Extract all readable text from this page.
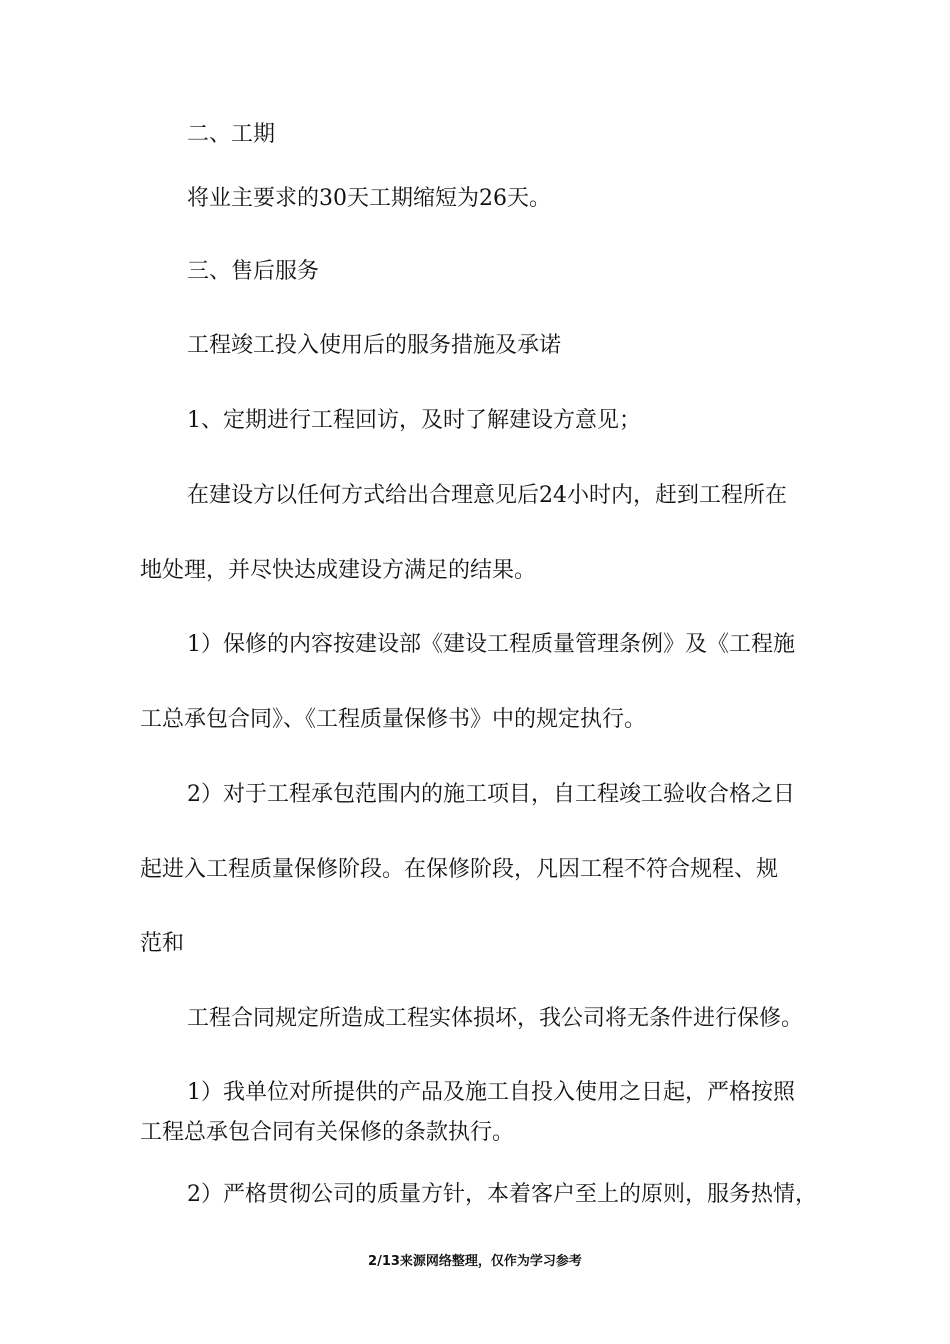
二、工期

将业主要求的30天工期缩短为26天。

三、售后服务

工程竣工投入使用后的服务措施及承诺

1、定期进行工程回访，及时了解建设方意见；

在建设方以任何方式给出合理意见后24小时内，赶到工程所在

地处理，并尽快达成建设方满足的结果。

1）保修的内容按建设部《建设工程质量管理条例》及《工程施

工总承包合同》、《工程质量保修书》中的规定执行。

2）对于工程承包范围内的施工项目，自工程竣工验收合格之日

起进入工程质量保修阶段。在保修阶段，凡因工程不符合规程、规

范和

工程合同规定所造成工程实体损坏，我公司将无条件进行保修。

1）我单位对所提供的产品及施工自投入使用之日起，严格按照

工程总承包合同有关保修的条款执行。

2）严格贯彻公司的质量方针，本着客户至上的原则，服务热情，

2/13来源网络整理，仅作为学习参考
